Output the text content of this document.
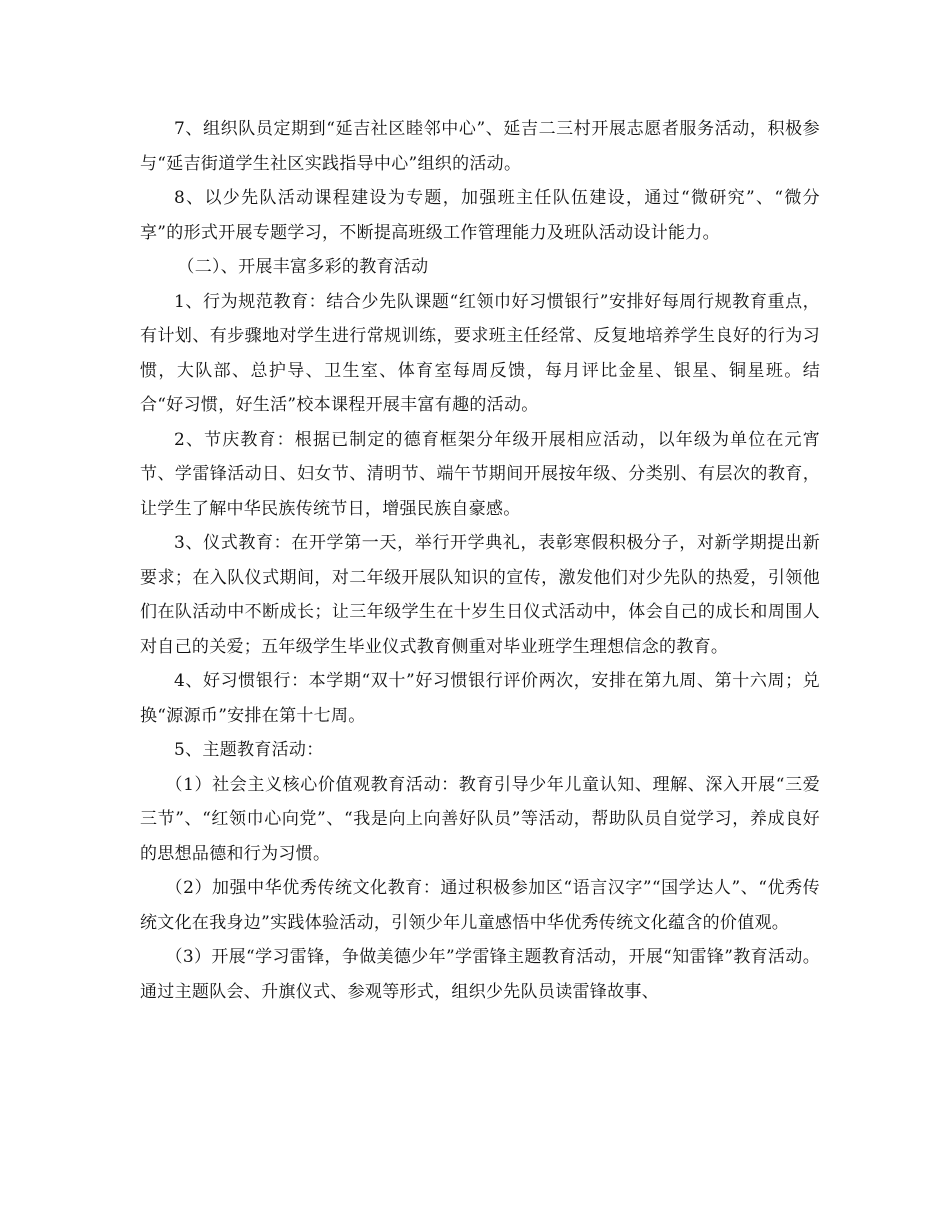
7、组织队员定期到“延吉社区睦邻中心”、延吉二三村开展志愿者服务活动，积极参与“延吉街道学生社区实践指导中心”组织的活动。

8、以少先队活动课程建设为专题，加强班主任队伍建设，通过“微研究”、“微分享”的形式开展专题学习，不断提高班级工作管理能力及班队活动设计能力。

（二）、开展丰富多彩的教育活动

1、行为规范教育：结合少先队课题“红领巾好习惯银行”安排好每周行规教育重点，有计划、有步骤地对学生进行常规训练，要求班主任经常、反复地培养学生良好的行为习惯，大队部、总护导、卫生室、体育室每周反馈，每月评比金星、银星、铜星班。结合“好习惯，好生活”校本课程开展丰富有趣的活动。

2、节庆教育：根据已制定的德育框架分年级开展相应活动，以年级为单位在元宵节、学雷锋活动日、妇女节、清明节、端午节期间开展按年级、分类别、有层次的教育，让学生了解中华民族传统节日，增强民族自豪感。

3、仪式教育：在开学第一天，举行开学典礼，表彰寒假积极分子，对新学期提出新要求；在入队仪式期间，对二年级开展队知识的宣传，激发他们对少先队的热爱，引领他们在队活动中不断成长；让三年级学生在十岁生日仪式活动中，体会自己的成长和周围人对自己的关爱；五年级学生毕业仪式教育侧重对毕业班学生理想信念的教育。

4、好习惯银行：本学期“双十”好习惯银行评价两次，安排在第九周、第十六周；兑换“源源币”安排在第十七周。

5、主题教育活动：

（1）社会主义核心价值观教育活动：教育引导少年儿童认知、理解、深入开展“三爱三节”、“红领巾心向党”、“我是向上向善好队员”等活动，帮助队员自觉学习，养成良好的思想品德和行为习惯。

（2）加强中华优秀传统文化教育：通过积极参加区“语言汉字”“国学达人”、“优秀传统文化在我身边”实践体验活动，引领少年儿童感悟中华优秀传统文化蕴含的价值观。

（3）开展“学习雷锋，争做美德少年”学雷锋主题教育活动，开展“知雷锋”教育活动。通过主题队会、升旗仪式、参观等形式，组织少先队员读雷锋故事、
